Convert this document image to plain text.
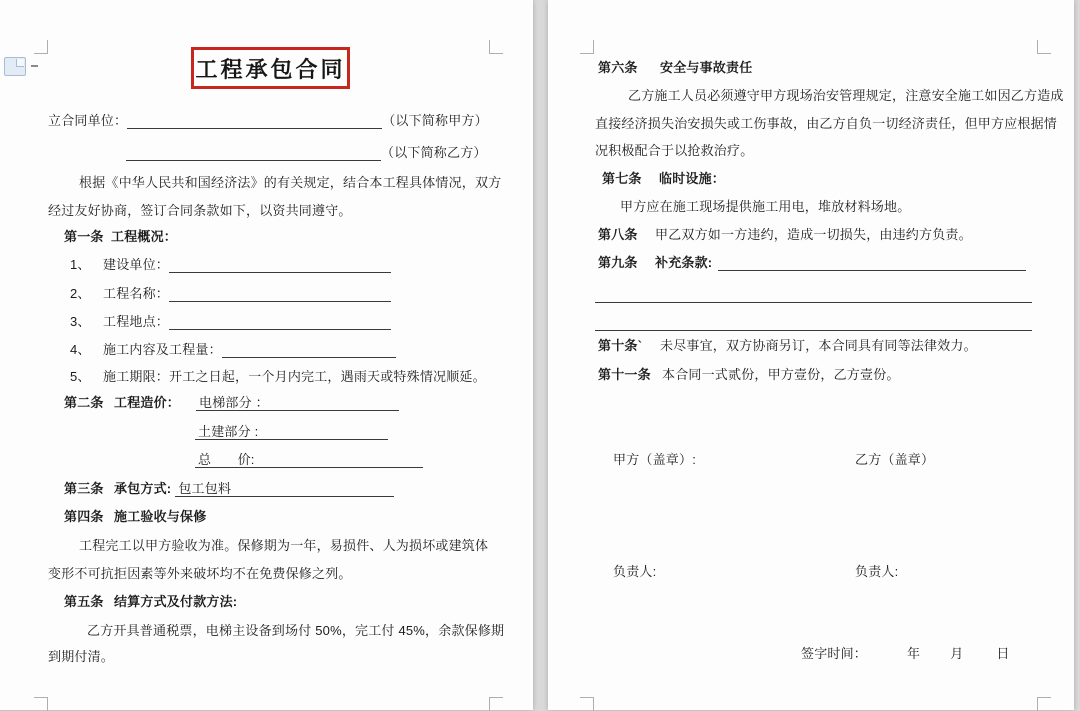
工程承包合同
立合同单位：	（以下简称甲方）
（以下简称乙方）
根据《中华人民共和国经济法》的有关规定，结合本工程具体情况，双方
经过友好协商，签订合同条款如下，以资共同遵守。
第一条 工程概况：
1、 建设单位：
2、 工程名称：
3、 工程地点：
4、 施工内容及工程量：
5、 施工期限：开工之日起，一个月内完工，遇雨天或特殊情况顺延。
第二条 工程造价： 电梯部分 ：
土建部分 :
总　　价:
第三条 承包方式: 包工包料
第四条 施工验收与保修
工程完工以甲方验收为准。保修期为一年，易损件、人为损坏或建筑体
变形不可抗拒因素等外来破坏均不在免费保修之列。
第五条 结算方式及付款方法:
乙方开具普通税票，电梯主设备到场付 50%，完工付 45%，余款保修期
到期付清。
第六条 安全与事故责任
乙方施工人员必须遵守甲方现场治安管理规定，注意安全施工如因乙方造成
直接经济损失治安损失或工伤事故，由乙方自负一切经济责任，但甲方应根据情
况积极配合于以抢救治疗。
第七条 临时设施：
甲方应在施工现场提供施工用电，堆放材料场地。
第八条 甲乙双方如一方违约，造成一切损失，由违约方负责。
第九条 补充条款:
第十条` 未尽事宜，双方协商另订，本合同具有同等法律效力。
第十一条 本合同一式贰份，甲方壹份，乙方壹份。
甲方（盖章）:	乙方（盖章）
负责人:	负责人:
签字时间：	年 月	日
